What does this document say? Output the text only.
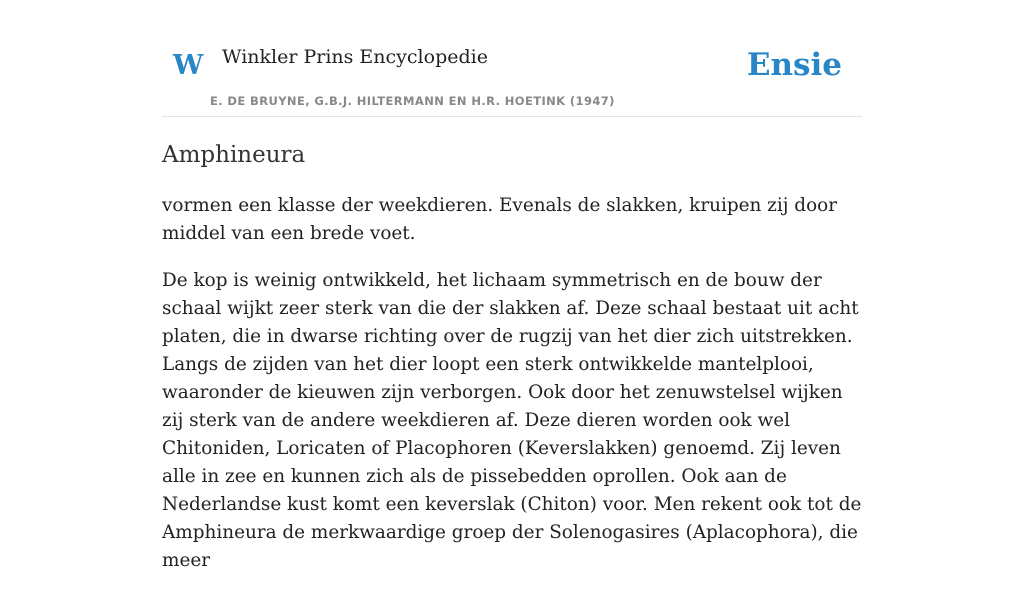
W Winkler Prins Encyclopedie
E. DE BRUYNE, G.B.J. HILTERMANN EN H.R. HOETINK (1947)
Ensie
Amphineura

vormen een klasse der weekdieren. Evenals de slakken, kruipen zij door middel van een brede voet.

De kop is weinig ontwikkeld, het lichaam symmetrisch en de bouw der schaal wijkt zeer sterk van die der slakken af. Deze schaal bestaat uit acht platen, die in dwarse richting over de rugzij van het dier zich uitstrekken. Langs de zijden van het dier loopt een sterk ontwikkelde mantelplooi, waaronder de kieuwen zijn verborgen. Ook door het zenuwstelsel wijken zij sterk van de andere weekdieren af. Deze dieren worden ook wel Chitoniden, Loricaten of Placophoren (Keverslakken) genoemd. Zij leven alle in zee en kunnen zich als de pissebedden oprollen. Ook aan de Nederlandse kust komt een keverslak (Chiton) voor. Men rekent ook tot de Amphineura de merkwaardige groep der Solenogasires (Aplacophora), die meer
